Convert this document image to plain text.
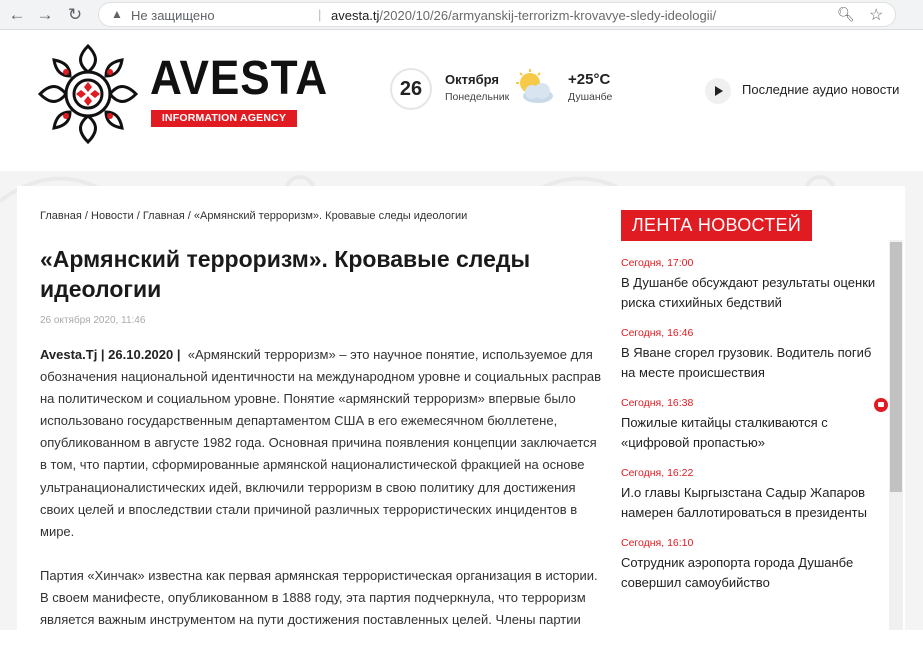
← → ↻	▲ Не защищено	| avesta.tj/2020/10/26/armyanskij-terrorizm-krovavye-sledy-ideologii/	🔍︎ ☆
AVESTA
INFORMATION AGENCY
26	Октября
Понедельник
+25°C
Душанбе	Последние аудио новости
Главная / Новости / Главная / «Армянский терроризм». Кровавые следы идеологии
«Армянский терроризм». Кровавые следы идеологии
26 октября 2020, 11:46

Avesta.Tj | 26.10.2020 | «Армянский терроризм» – это научное понятие, используемое для обозначения национальной идентичности на международном уровне и социальных расправ на политическом и социальном уровне. Понятие «армянский терроризм» впервые было использовано государственным департаментом США в его ежемесячном бюллетене, опубликованном в августе 1982 года. Основная причина появления концепции заключается в том, что партии, сформированные армянской националистической фракцией на основе ультранационалистических идей, включили терроризм в свою политику для достижения своих целей и впоследствии стали причиной различных террористических инцидентов в мире.

Партия «Хинчак» известна как первая армянская террористическая организация в истории. В своем манифесте, опубликованном в 1888 году, эта партия подчеркнула, что терроризм является важным инструментом на пути достижения поставленных целей. Члены партии

ЛЕНТА НОВОСТЕЙ
Сегодня, 17:00
В Душанбе обсуждают результаты оценки риска стихийных бедствий
Сегодня, 16:46
В Яване сгорел грузовик. Водитель погиб на месте происшествия
Сегодня, 16:38
Пожилые китайцы сталкиваются с «цифровой пропастью»
Сегодня, 16:22
И.о главы Кыргызстана Садыр Жапаров намерен баллотироваться в президенты
Сегодня, 16:10
Сотрудник аэропорта города Душанбе совершил самоубийство
